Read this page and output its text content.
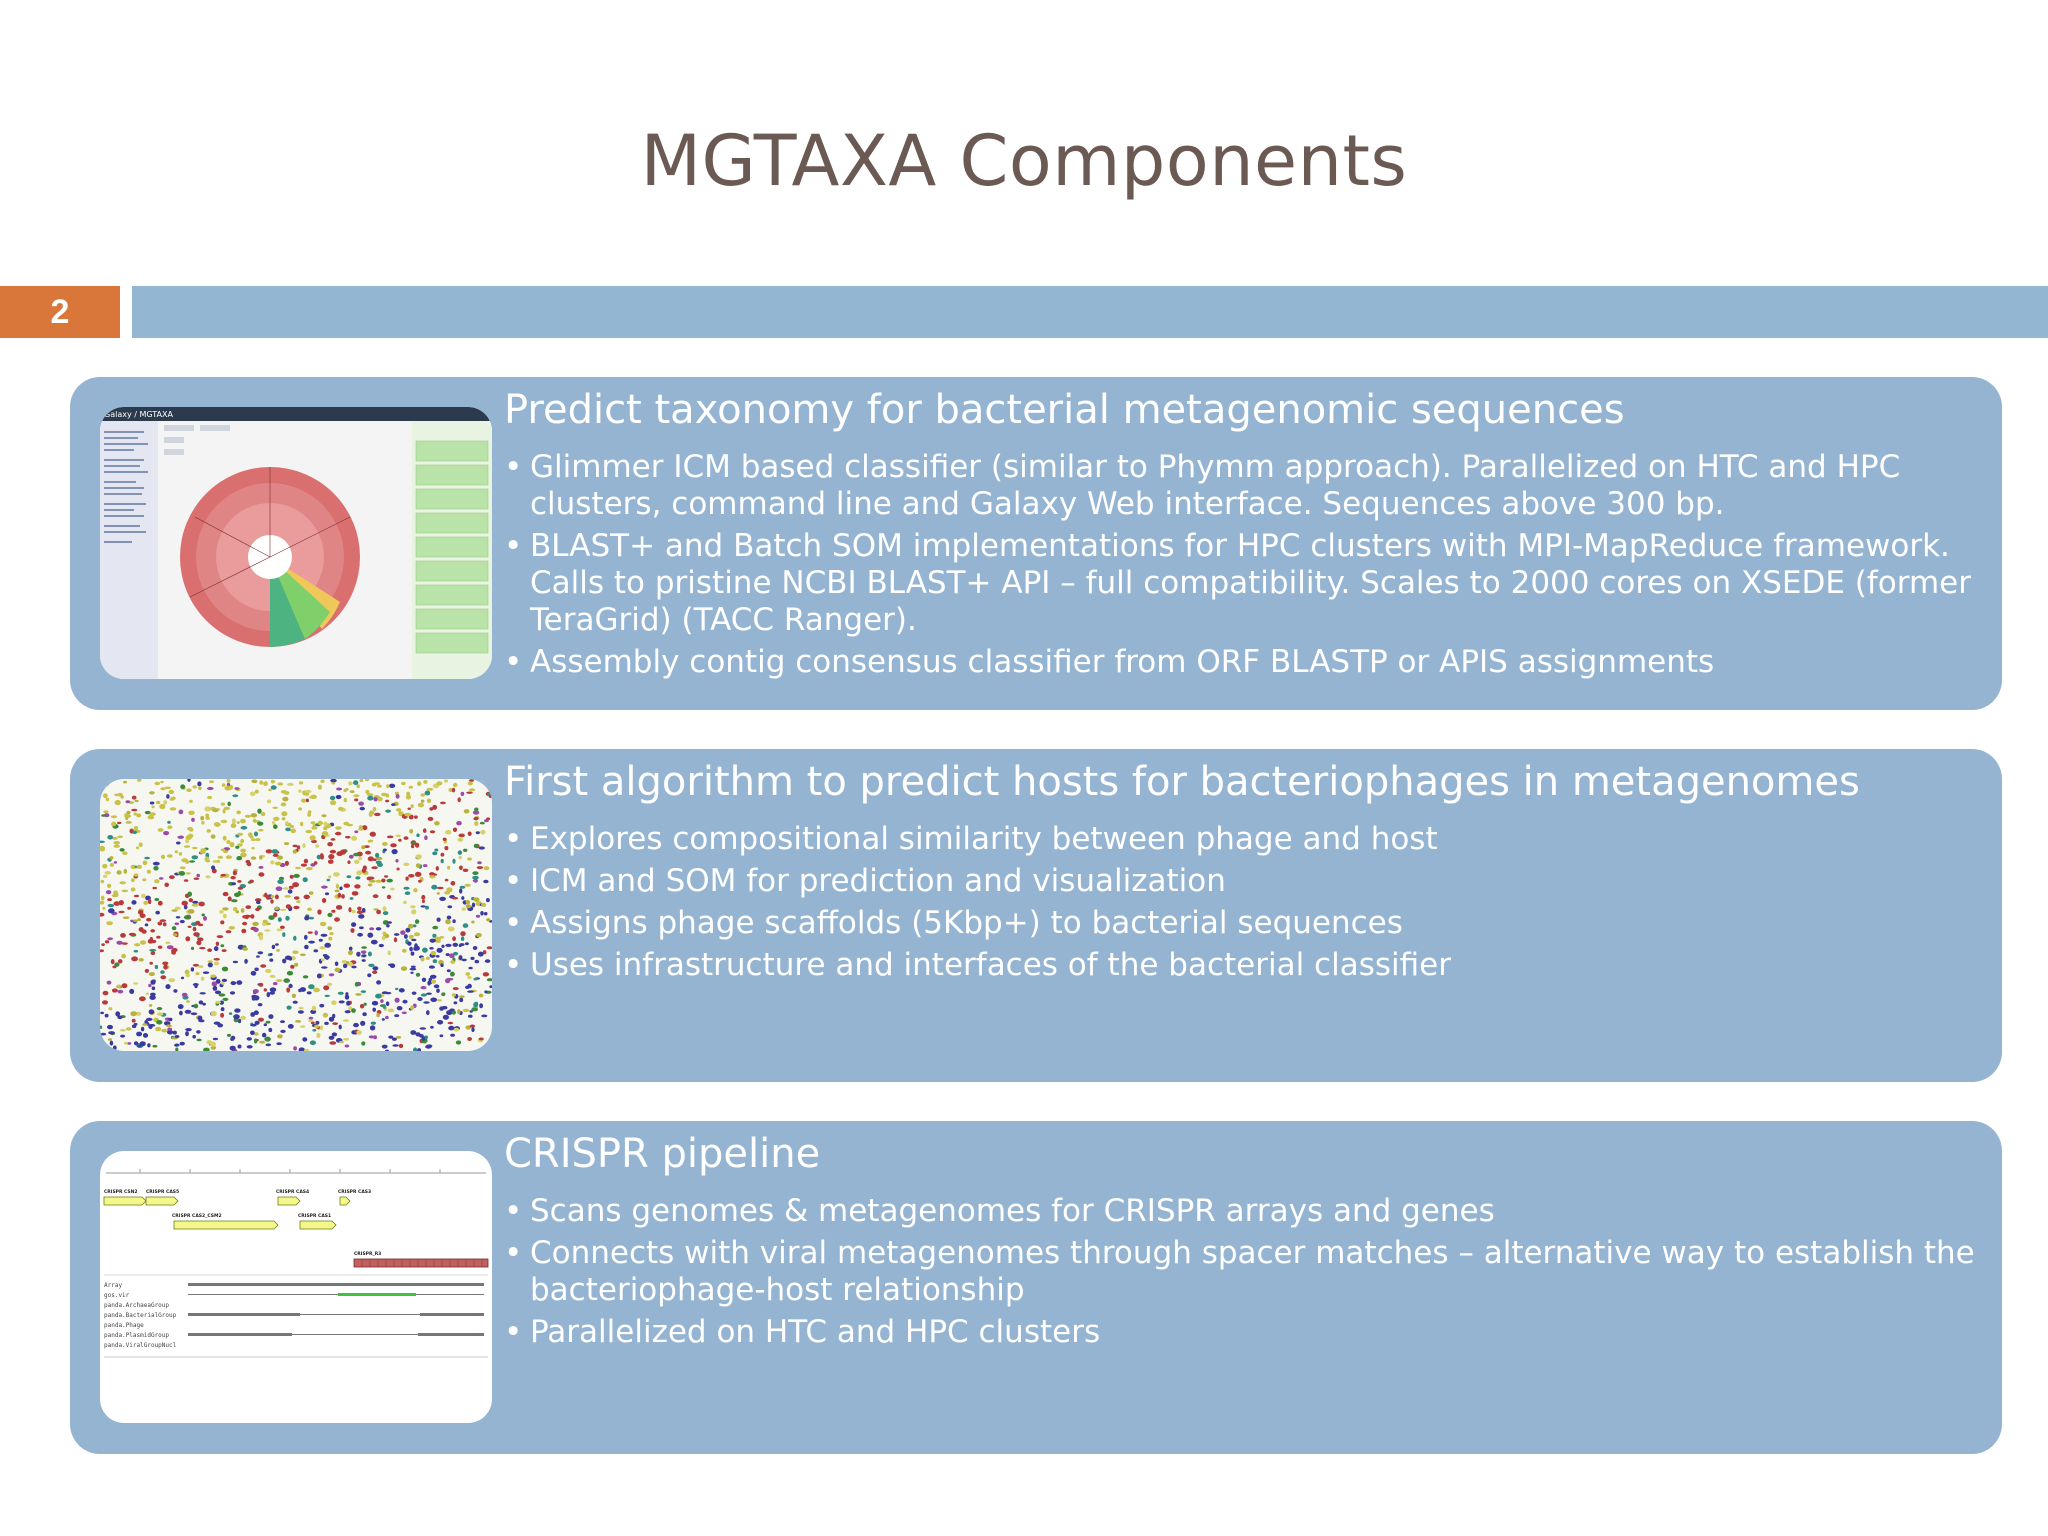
MGTAXA Components
2
Galaxy / MGTAXA	Predict taxonomy for bacterial metagenomic sequences
• Glimmer ICM based classifier (similar to Phymm approach). Parallelized on HTC and HPC clusters, command line and Galaxy Web interface. Sequences above 300 bp.
• BLAST+ and Batch SOM implementations for HPC clusters with MPI-MapReduce framework. Calls to pristine NCBI BLAST+ API – full compatibility. Scales to 2000 cores on XSEDE (former TeraGrid) (TACC Ranger).
• Assembly contig consensus classifier from ORF BLASTP or APIS assignments
First algorithm to predict hosts for bacteriophages in metagenomes
• Explores compositional similarity between phage and host
• ICM and SOM for prediction and visualization
• Assigns phage scaffolds (5Kbp+) to bacterial sequences
• Uses infrastructure and interfaces of the bacterial classifier
CRISPR CSN2 CRISPR CAS5	CRISPR CAS4	CRISPR CAS3
CRISPR CAS2_CSM2	CRISPR CAS1
CRISPR_R3
Array
gos.vir
panda.ArchaeaGroup
panda.BacterialGroup
panda.Phage
panda.PlasmidGroup
panda.ViralGroupNucl
CRISPR pipeline
• Scans genomes & metagenomes for CRISPR arrays and genes
• Connects with viral metagenomes through spacer matches – alternative way to establish the bacteriophage-host relationship
• Parallelized on HTC and HPC clusters
